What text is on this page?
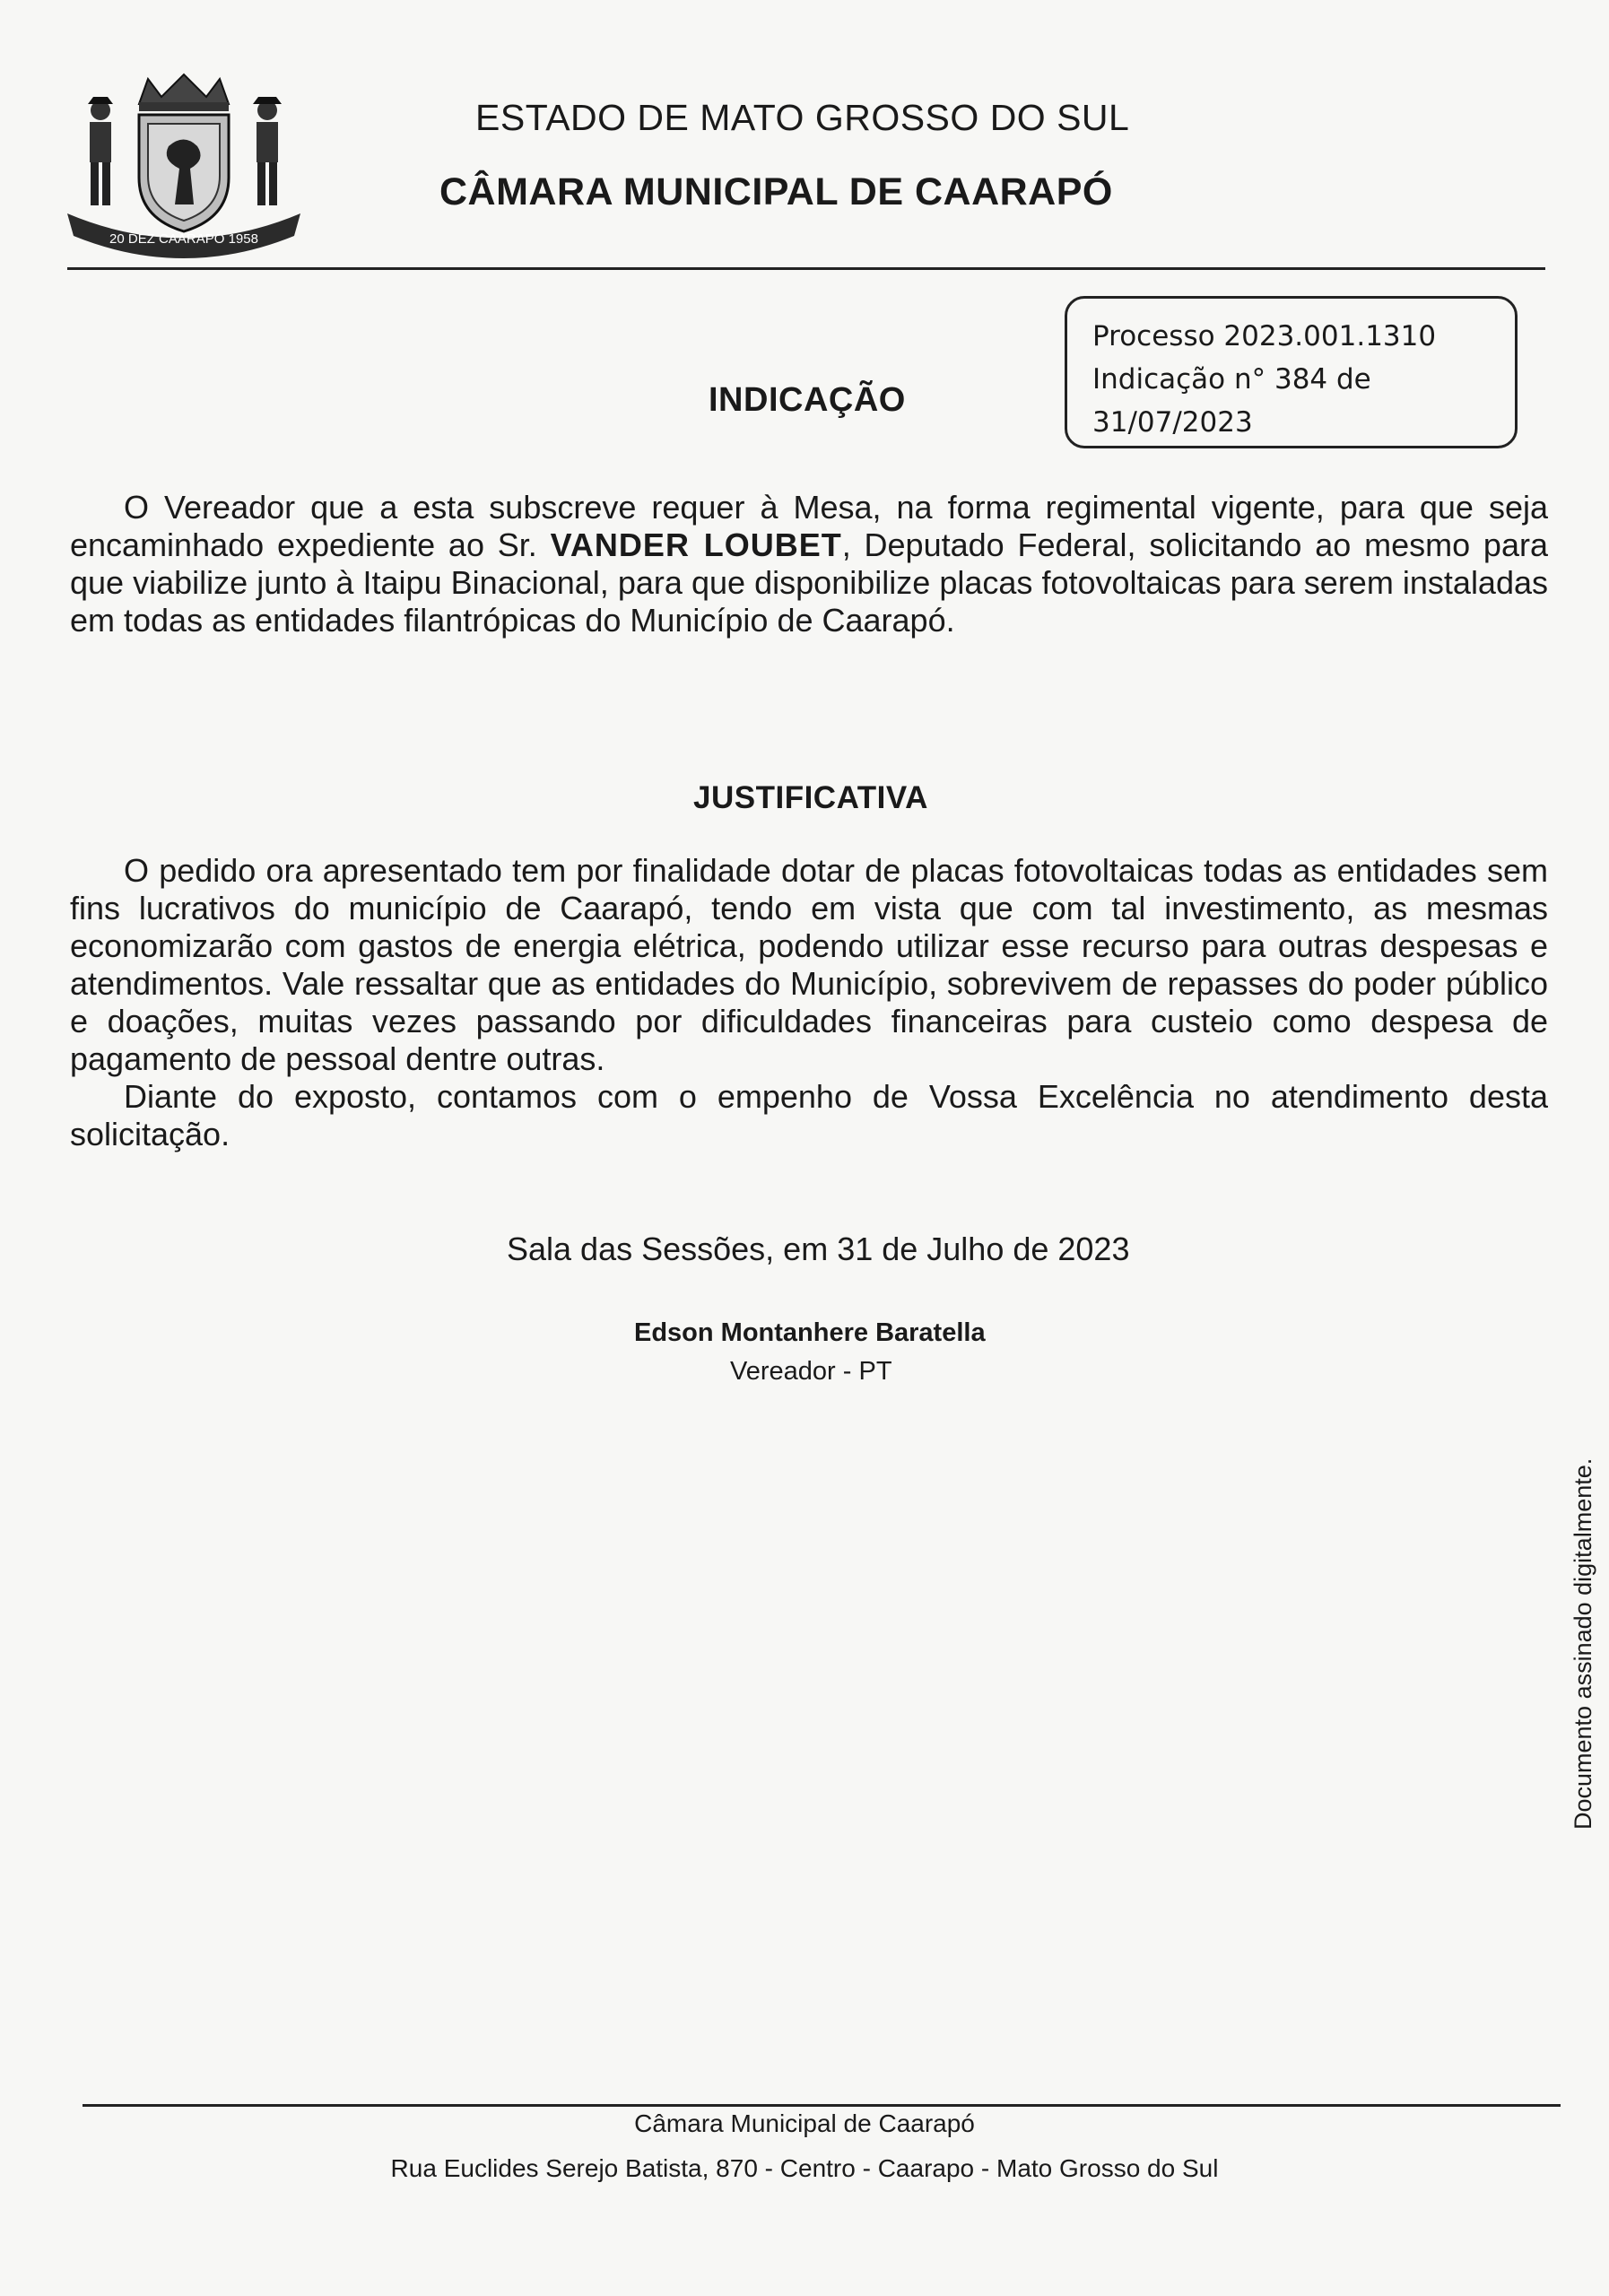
20 DEZ CAARAPÓ 1958
ESTADO DE MATO GROSSO DO SUL
CÂMARA MUNICIPAL DE CAARAPÓ
Processo 2023.001.1310
Indicação n° 384 de
31/07/2023
INDICAÇÃO

O Vereador que a esta subscreve requer à Mesa, na forma regimental vigente, para que seja encaminhado expediente ao Sr. VANDER LOUBET, Deputado Federal, solicitando ao mesmo para que viabilize junto à Itaipu Binacional, para que disponibilize placas fotovoltaicas para serem instaladas em todas as entidades filantrópicas do Município de Caarapó.

JUSTIFICATIVA

O pedido ora apresentado tem por finalidade dotar de placas fotovoltaicas todas as entidades sem fins lucrativos do município de Caarapó, tendo em vista que com tal investimento, as mesmas economizarão com gastos de energia elétrica, podendo utilizar esse recurso para outras despesas e atendimentos. Vale ressaltar que as entidades do Município, sobrevivem de repasses do poder público e doações, muitas vezes passando por dificuldades financeiras para custeio como despesa de pagamento de pessoal dentre outras.

Diante do exposto, contamos com o empenho de Vossa Excelência no atendimento desta solicitação.

Sala das Sessões, em 31 de Julho de 2023
Edson Montanhere Baratella
Vereador - PT
Documento assinado digitalmente.
Câmara Municipal de Caarapó
Rua Euclides Serejo Batista, 870 - Centro - Caarapo - Mato Grosso do Sul
